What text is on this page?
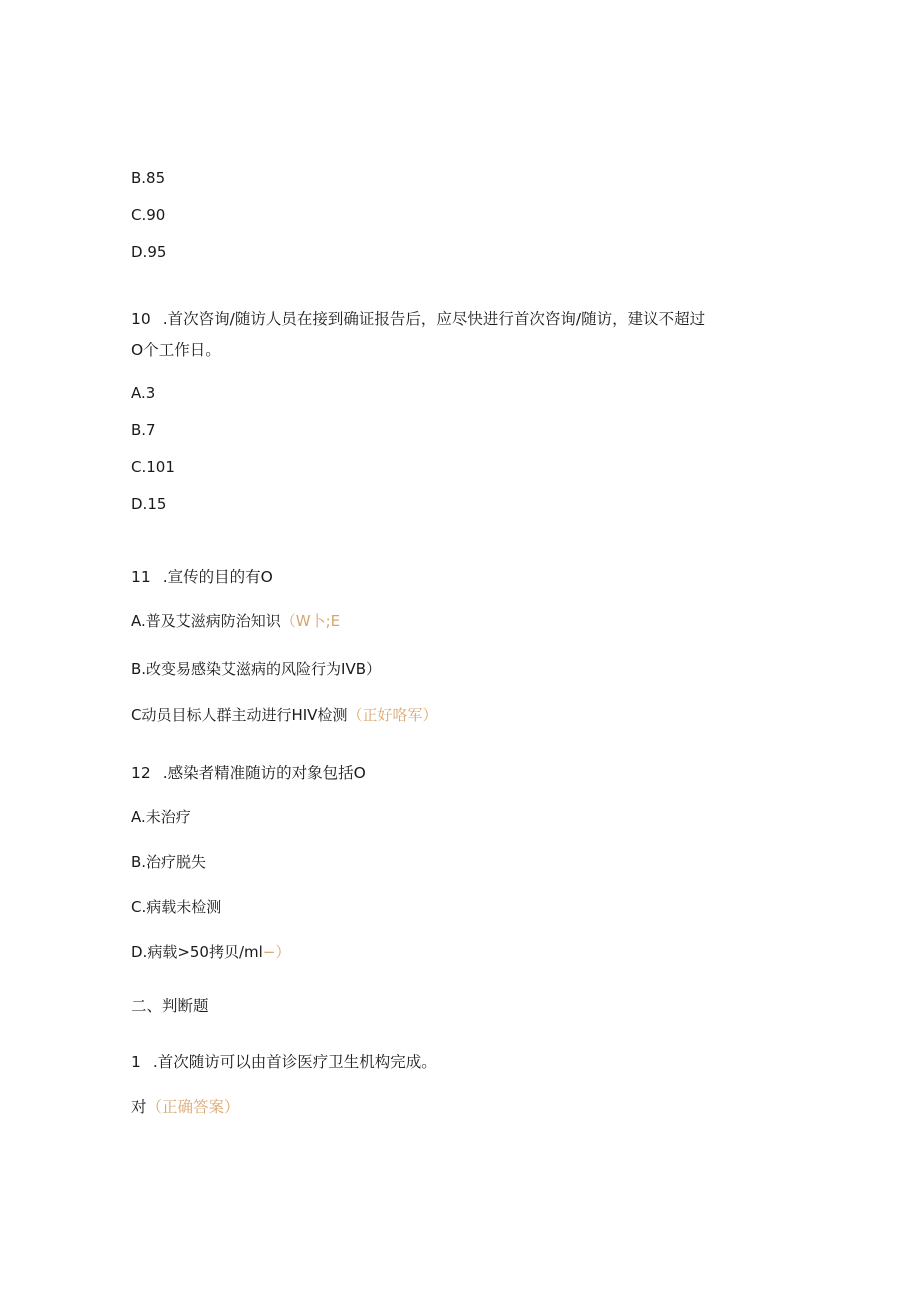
B.85
C.90
D.95
10 .首次咨询/随访人员在接到确证报告后，应尽快进行首次咨询/随访，建议不超过
O个工作日。
A.3
B.7
C.101
D.15
11 .宣传的目的有O
A.普及艾滋病防治知识（W卜;E
B.改变易感染艾滋病的风险行为IVB）
C动员目标人群主动进行HIV检测（正好咯军）
12 .感染者精准随访的对象包括O
A.未治疗
B.治疗脱失
C.病载未检测
D.病载>50拷贝/ml−）
二、判断题
1 .首次随访可以由首诊医疗卫生机构完成。
对（正确答案）
